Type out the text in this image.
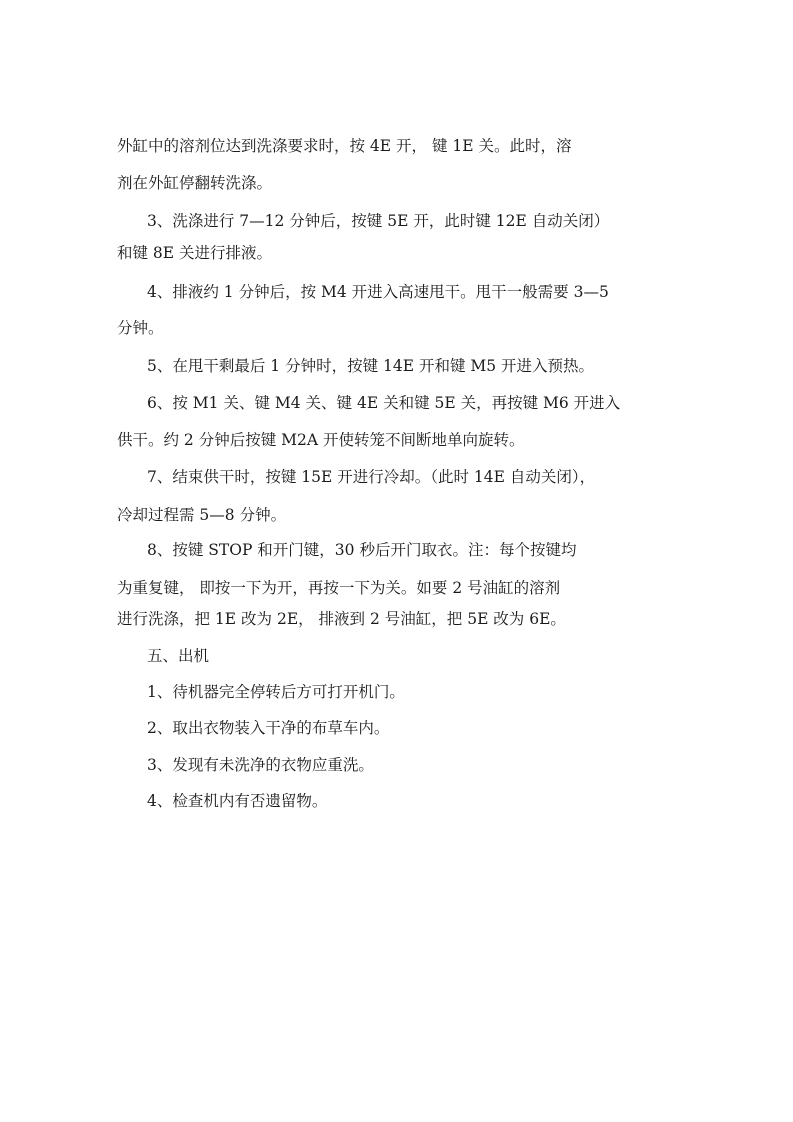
外缸中的溶剂位达到洗涤要求时，按 4E 开， 键 1E 关。此时，溶
剂在外缸停翻转洗涤。
3、洗涤进行 7—12 分钟后，按键 5E 开，此时键 12E 自动关闭）
和键 8E 关进行排液。
4、排液约 1 分钟后，按 M4 开进入高速甩干。甩干一般需要 3—5
分钟。
5、在甩干剩最后 1 分钟时，按键 14E 开和键 M5 开进入预热。
6、按 M1 关、键 M4 关、键 4E 关和键 5E 关，再按键 M6 开进入
供干。约 2 分钟后按键 M2A 开使转笼不间断地单向旋转。
7、结束供干时，按键 15E 开进行冷却。（此时 14E 自动关闭），
冷却过程需 5—8 分钟。
8、按键 STOP 和开门键，30 秒后开门取衣。注：每个按键均
为重复键， 即按一下为开，再按一下为关。如要 2 号油缸的溶剂
进行洗涤，把 1E 改为 2E， 排液到 2 号油缸，把 5E 改为 6E。
五、出机
1、待机器完全停转后方可打开机门。
2、取出衣物装入干净的布草车内。
3、发现有未洗净的衣物应重洗。
4、检查机内有否遗留物。
